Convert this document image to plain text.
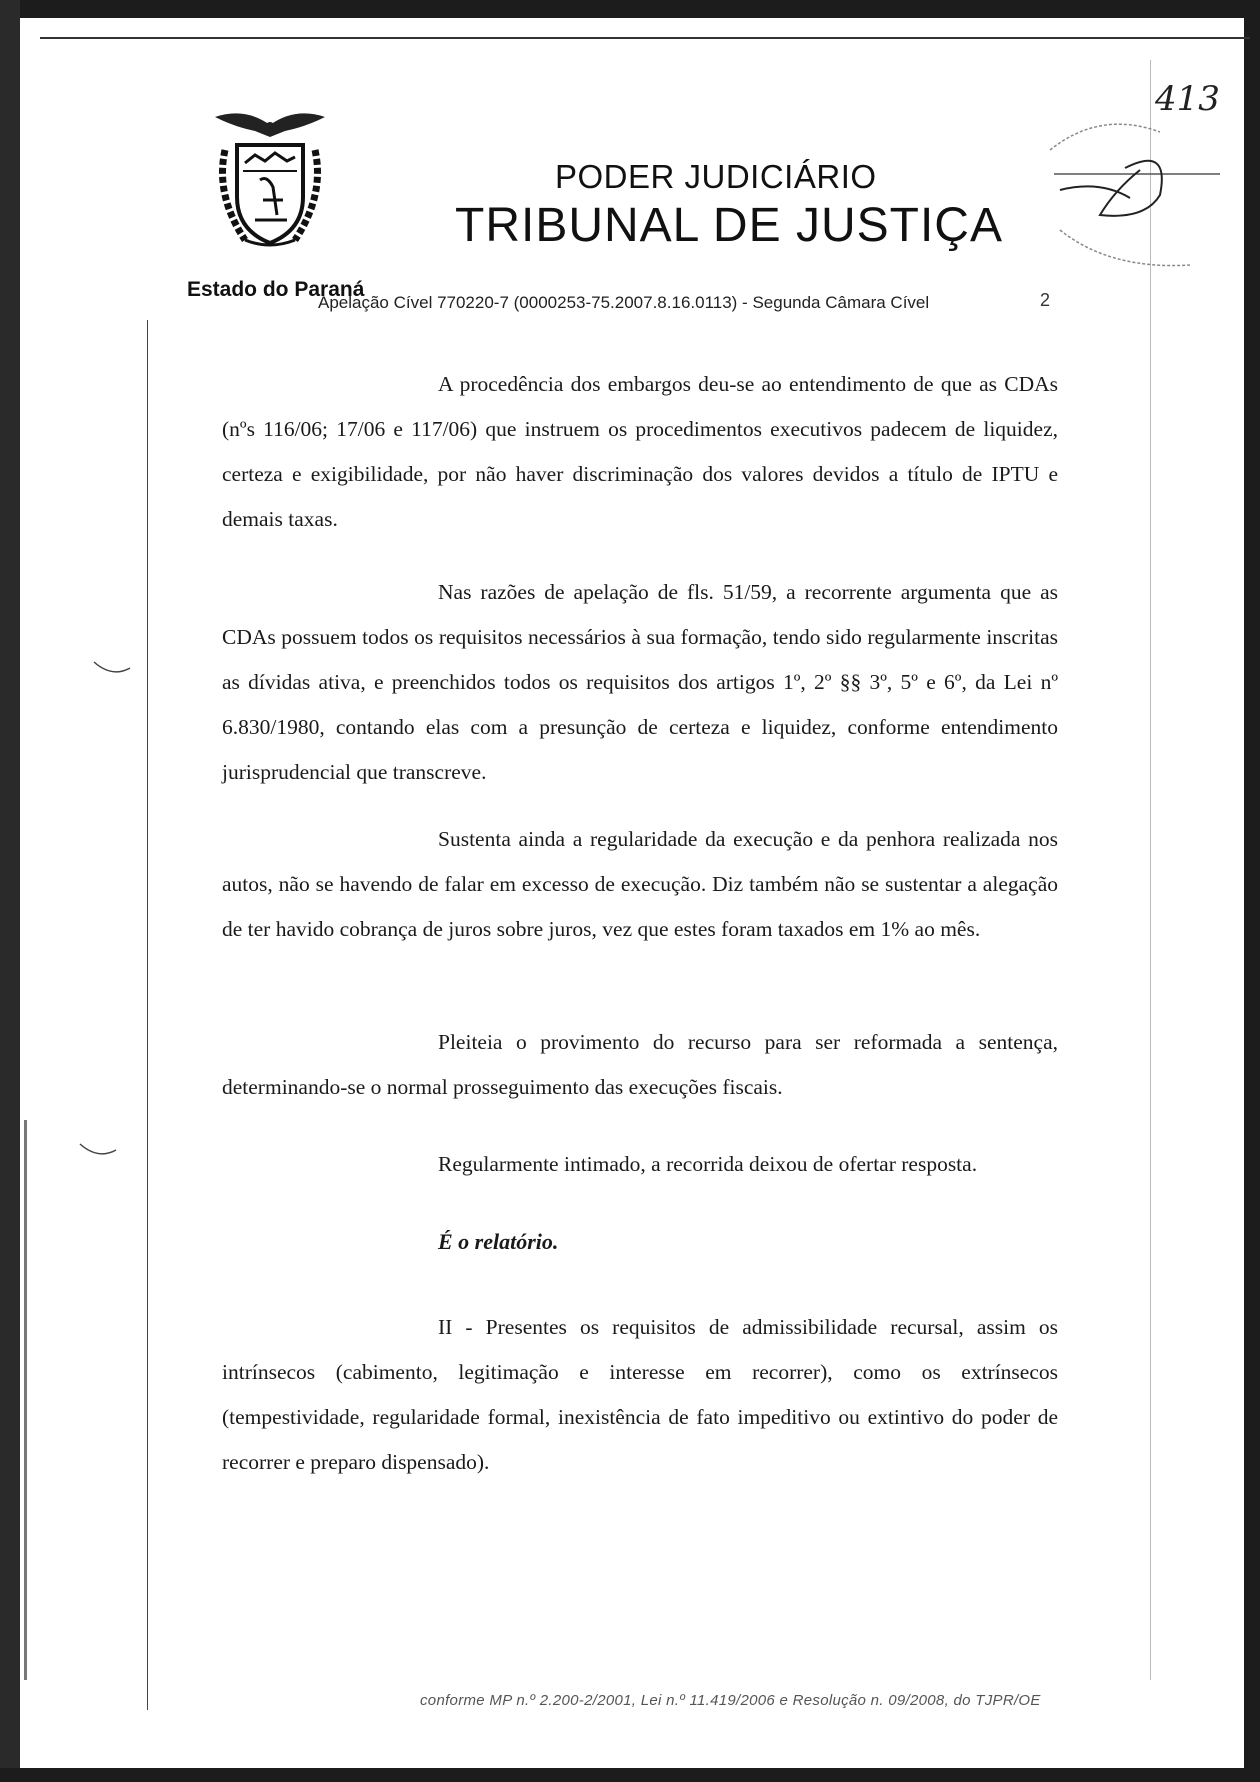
PODER JUDICIÁRIO
TRIBUNAL DE JUSTIÇA
Estado do Paraná
Apelação Cível 770220-7 (0000253-75.2007.8.16.0113) - Segunda Câmara Cível	2
413

A procedência dos embargos deu-se ao entendimento de que as CDAs (nºs 116/06; 17/06 e 117/06) que instruem os procedimentos executivos padecem de liquidez, certeza e exigibilidade, por não haver discriminação dos valores devidos a título de IPTU e demais taxas.

Nas razões de apelação de fls. 51/59, a recorrente argumenta que as CDAs possuem todos os requisitos necessários à sua formação, tendo sido regularmente inscritas as dívidas ativa, e preenchidos todos os requisitos dos artigos 1º, 2º §§ 3º, 5º e 6º, da Lei nº 6.830/1980, contando elas com a presunção de certeza e liquidez, conforme entendimento jurisprudencial que transcreve.

Sustenta ainda a regularidade da execução e da penhora realizada nos autos, não se havendo de falar em excesso de execução. Diz também não se sustentar a alegação de ter havido cobrança de juros sobre juros, vez que estes foram taxados em 1% ao mês.

Pleiteia o provimento do recurso para ser reformada a sentença, determinando-se o normal prosseguimento das execuções fiscais.

Regularmente intimado, a recorrida deixou de ofertar resposta.

É o relatório.

II - Presentes os requisitos de admissibilidade recursal, assim os intrínsecos (cabimento, legitimação e interesse em recorrer), como os extrínsecos (tempestividade, regularidade formal, inexistência de fato impeditivo ou extintivo do poder de recorrer e preparo dispensado).

conforme MP n.º 2.200-2/2001, Lei n.º 11.419/2006 e Resolução n. 09/2008, do TJPR/OE
